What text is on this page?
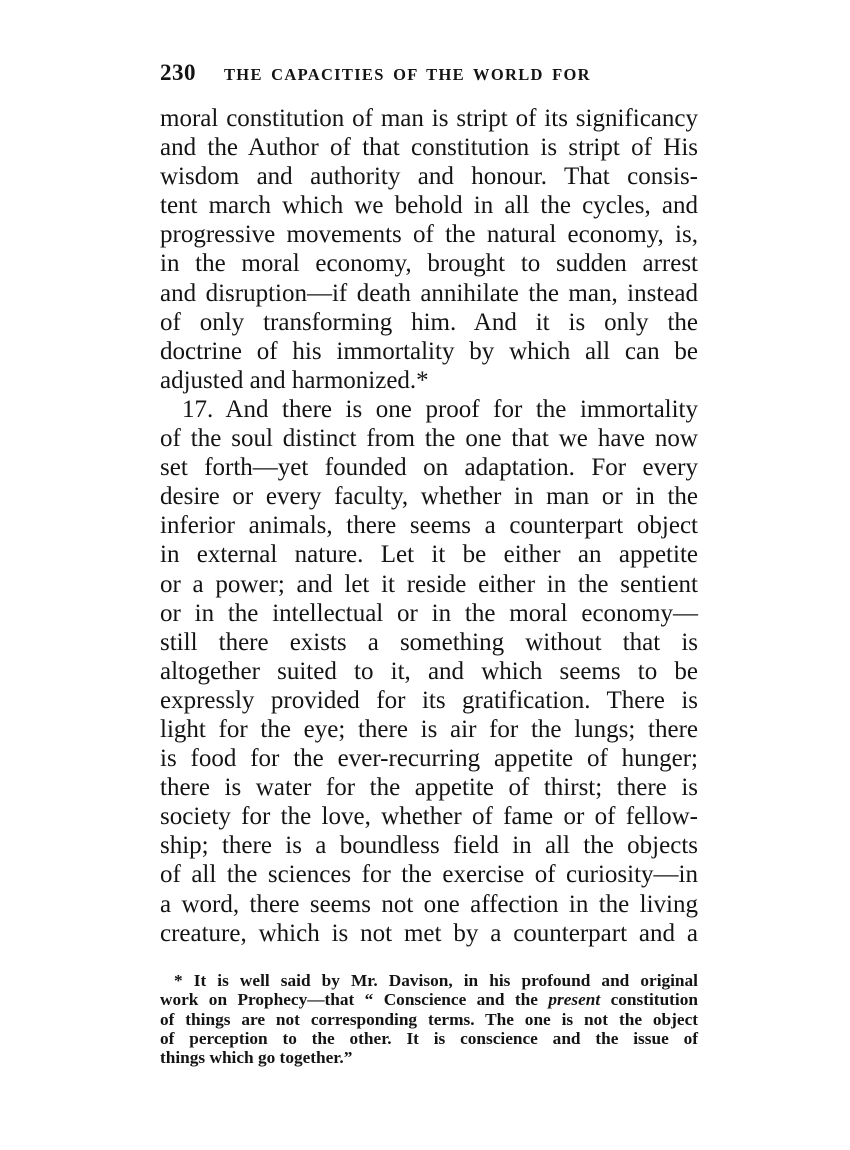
230 THE CAPACITIES OF THE WORLD FOR
moral constitution of man is stript of its significancy
and the Author of that constitution is stript of His
wisdom and authority and honour. That consis-
tent march which we behold in all the cycles, and
progressive movements of the natural economy, is,
in the moral economy, brought to sudden arrest
and disruption—if death annihilate the man, instead
of only transforming him. And it is only the
doctrine of his immortality by which all can be
adjusted and harmonized.*
17. And there is one proof for the immortality
of the soul distinct from the one that we have now
set forth—yet founded on adaptation. For every
desire or every faculty, whether in man or in the
inferior animals, there seems a counterpart object
in external nature. Let it be either an appetite
or a power; and let it reside either in the sentient
or in the intellectual or in the moral economy—
still there exists a something without that is
altogether suited to it, and which seems to be
expressly provided for its gratification. There is
light for the eye; there is air for the lungs; there
is food for the ever-recurring appetite of hunger;
there is water for the appetite of thirst; there is
society for the love, whether of fame or of fellow-
ship; there is a boundless field in all the objects
of all the sciences for the exercise of curiosity—in
a word, there seems not one affection in the living
creature, which is not met by a counterpart and a
* It is well said by Mr. Davison, in his profound and original
work on Prophecy—that “ Conscience and the present constitution
of things are not corresponding terms. The one is not the object
of perception to the other. It is conscience and the issue of
things which go together.”
